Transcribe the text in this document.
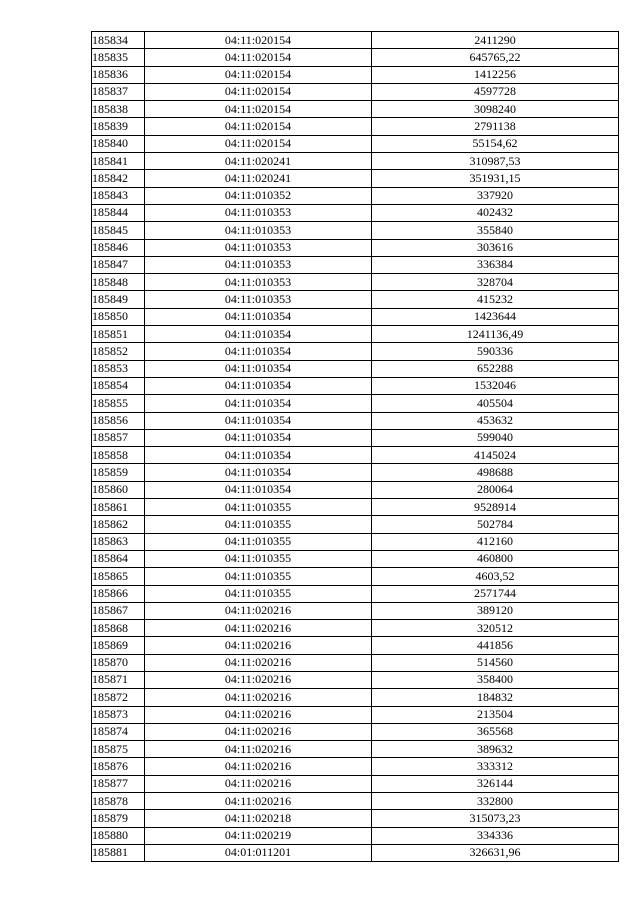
185834	04:11:020154	2411290
185835	04:11:020154	645765,22
185836	04:11:020154	1412256
185837	04:11:020154	4597728
185838	04:11:020154	3098240
185839	04:11:020154	2791138
185840	04:11:020154	55154,62
185841	04:11:020241	310987,53
185842	04:11:020241	351931,15
185843	04:11:010352	337920
185844	04:11:010353	402432
185845	04:11:010353	355840
185846	04:11:010353	303616
185847	04:11:010353	336384
185848	04:11:010353	328704
185849	04:11:010353	415232
185850	04:11:010354	1423644
185851	04:11:010354	1241136,49
185852	04:11:010354	590336
185853	04:11:010354	652288
185854	04:11:010354	1532046
185855	04:11:010354	405504
185856	04:11:010354	453632
185857	04:11:010354	599040
185858	04:11:010354	4145024
185859	04:11:010354	498688
185860	04:11:010354	280064
185861	04:11:010355	9528914
185862	04:11:010355	502784
185863	04:11:010355	412160
185864	04:11:010355	460800
185865	04:11:010355	4603,52
185866	04:11:010355	2571744
185867	04:11:020216	389120
185868	04:11:020216	320512
185869	04:11:020216	441856
185870	04:11:020216	514560
185871	04:11:020216	358400
185872	04:11:020216	184832
185873	04:11:020216	213504
185874	04:11:020216	365568
185875	04:11:020216	389632
185876	04:11:020216	333312
185877	04:11:020216	326144
185878	04:11:020216	332800
185879	04:11:020218	315073,23
185880	04:11:020219	334336
185881	04:01:011201	326631,96
